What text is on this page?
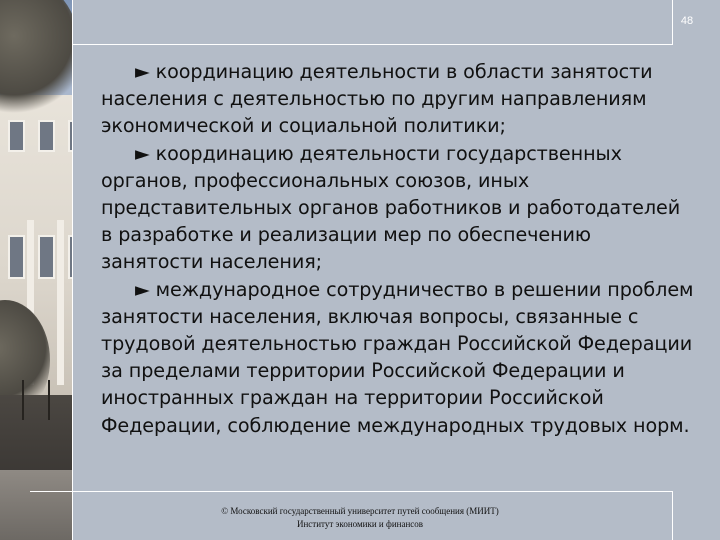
48

► координацию деятельности в области занятости населения с деятельностью по другим направлениям экономической и социальной политики;

► координацию деятельности государственных органов, профессиональных союзов, иных представительных органов работников и работодателей в разработке и реализации мер по обеспечению занятости населения;

► международное сотрудничество в решении проблем занятости населения, включая вопросы, связанные с трудовой деятельностью граждан Российской Федерации за пределами территории Российской Федерации и иностранных граждан на территории Российской Федерации, соблюдение международных трудовых норм.

© Московский государственный университет путей сообщения (МИИТ)
Институт экономики и финансов
